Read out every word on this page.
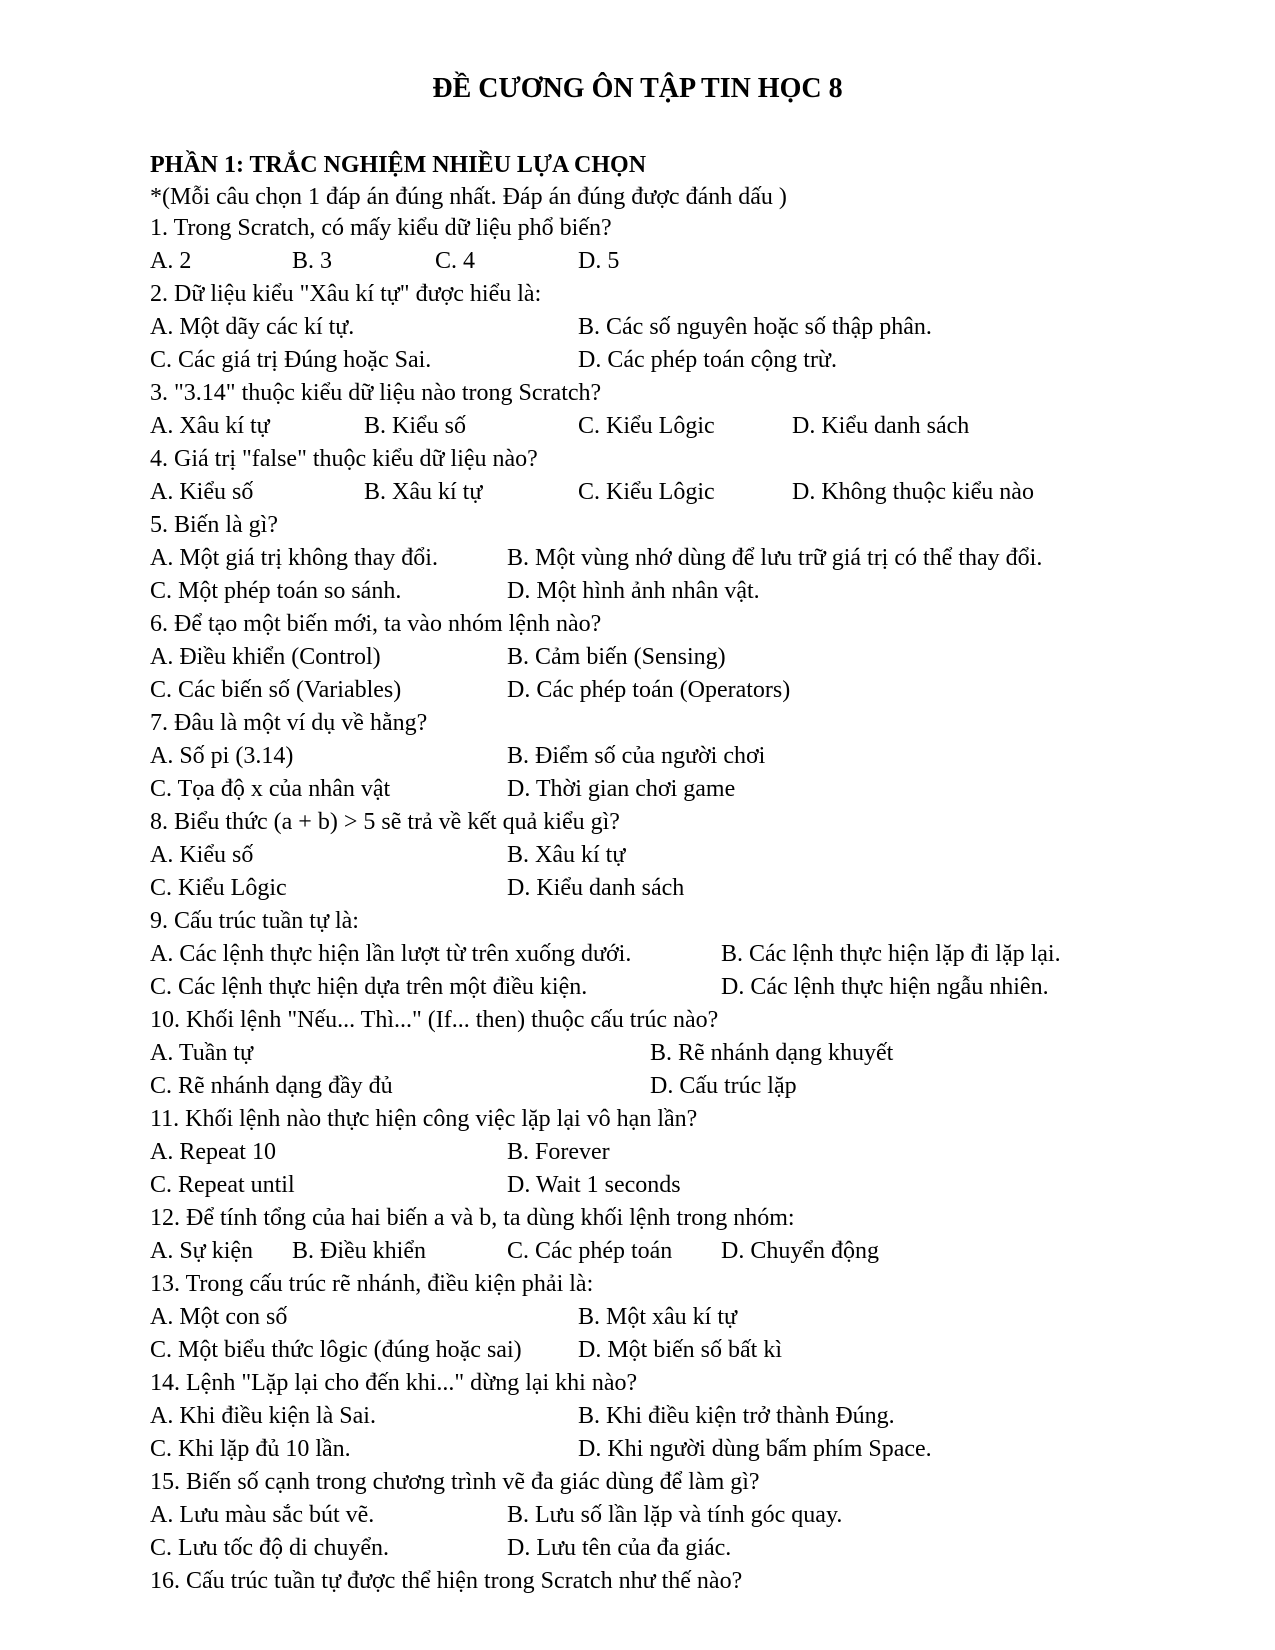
ĐỀ CƯƠNG ÔN TẬP TIN HỌC 8
PHẦN 1: TRẮC NGHIỆM NHIỀU LỰA CHỌN
*(Mỗi câu chọn 1 đáp án đúng nhất. Đáp án đúng được đánh dấu )
1. Trong Scratch, có mấy kiểu dữ liệu phổ biến?
A. 2	B. 3	C. 4	D. 5
2. Dữ liệu kiểu "Xâu kí tự" được hiểu là:
A. Một dãy các kí tự.	B. Các số nguyên hoặc số thập phân.
C. Các giá trị Đúng hoặc Sai.	D. Các phép toán cộng trừ.
3. "3.14" thuộc kiểu dữ liệu nào trong Scratch?
A. Xâu kí tự	B. Kiểu số	C. Kiểu Lôgic	D. Kiểu danh sách
4. Giá trị "false" thuộc kiểu dữ liệu nào?
A. Kiểu số	B. Xâu kí tự	C. Kiểu Lôgic	D. Không thuộc kiểu nào
5. Biến là gì?
A. Một giá trị không thay đổi.	B. Một vùng nhớ dùng để lưu trữ giá trị có thể thay đổi.
C. Một phép toán so sánh.	D. Một hình ảnh nhân vật.
6. Để tạo một biến mới, ta vào nhóm lệnh nào?
A. Điều khiển (Control)	B. Cảm biến (Sensing)
C. Các biến số (Variables)	D. Các phép toán (Operators)
7. Đâu là một ví dụ về hằng?
A. Số pi (3.14)	B. Điểm số của người chơi
C. Tọa độ x của nhân vật	D. Thời gian chơi game
8. Biểu thức (a + b) > 5 sẽ trả về kết quả kiểu gì?
A. Kiểu số	B. Xâu kí tự
C. Kiểu Lôgic	D. Kiểu danh sách
9. Cấu trúc tuần tự là:
A. Các lệnh thực hiện lần lượt từ trên xuống dưới.	B. Các lệnh thực hiện lặp đi lặp lại.
C. Các lệnh thực hiện dựa trên một điều kiện.	D. Các lệnh thực hiện ngẫu nhiên.
10. Khối lệnh "Nếu... Thì..." (If... then) thuộc cấu trúc nào?
A. Tuần tự	B. Rẽ nhánh dạng khuyết
C. Rẽ nhánh dạng đầy đủ	D. Cấu trúc lặp
11. Khối lệnh nào thực hiện công việc lặp lại vô hạn lần?
A. Repeat 10	B. Forever
C. Repeat until	D. Wait 1 seconds
12. Để tính tổng của hai biến a và b, ta dùng khối lệnh trong nhóm:
A. Sự kiện B. Điều khiển	C. Các phép toán D. Chuyển động
13. Trong cấu trúc rẽ nhánh, điều kiện phải là:
A. Một con số	B. Một xâu kí tự
C. Một biểu thức lôgic (đúng hoặc sai) D. Một biến số bất kì
14. Lệnh "Lặp lại cho đến khi..." dừng lại khi nào?
A. Khi điều kiện là Sai.	B. Khi điều kiện trở thành Đúng.
C. Khi lặp đủ 10 lần.	D. Khi người dùng bấm phím Space.
15. Biến số cạnh trong chương trình vẽ đa giác dùng để làm gì?
A. Lưu màu sắc bút vẽ.	B. Lưu số lần lặp và tính góc quay.
C. Lưu tốc độ di chuyển.	D. Lưu tên của đa giác.
16. Cấu trúc tuần tự được thể hiện trong Scratch như thế nào?
